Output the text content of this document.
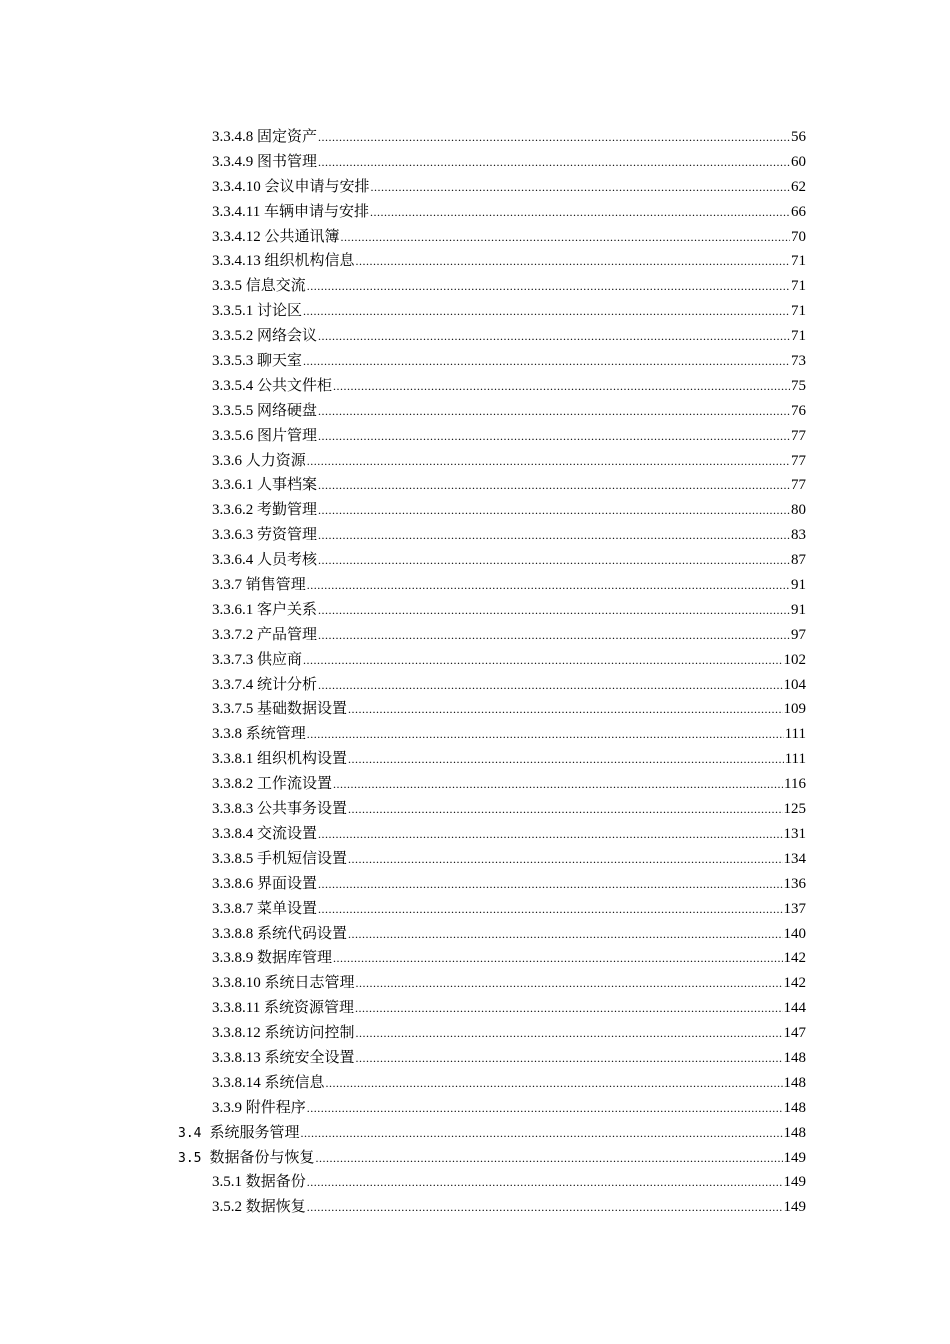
3.3.4.8 固定资产 .....	56
3.3.4.9 图书管理 .....	60
3.3.4.10 会议申请与安排 .....	62
3.3.4.11 车辆申请与安排 .....	66
3.3.4.12 公共通讯簿 .....	70
3.3.4.13 组织机构信息 .....	71
3.3.5 信息交流 .....	71
3.3.5.1 讨论区 .....	71
3.3.5.2 网络会议 .....	71
3.3.5.3 聊天室 .....	73
3.3.5.4 公共文件柜 .....	75
3.3.5.5 网络硬盘 .....	76
3.3.5.6 图片管理 .....	77
3.3.6 人力资源 .....	77
3.3.6.1 人事档案 .....	77
3.3.6.2 考勤管理 .....	80
3.3.6.3 劳资管理 .....	83
3.3.6.4 人员考核 .....	87
3.3.7 销售管理 .....	91
3.3.6.1 客户关系 .....	91
3.3.7.2 产品管理 .....	97
3.3.7.3 供应商 .....	102
3.3.7.4 统计分析 .....	104
3.3.7.5 基础数据设置 .....	109
3.3.8 系统管理 .....	111
3.3.8.1 组织机构设置 .....	111
3.3.8.2 工作流设置 .....	116
3.3.8.3 公共事务设置 .....	125
3.3.8.4 交流设置 .....	131
3.3.8.5 手机短信设置 .....	134
3.3.8.6 界面设置 .....	136
3.3.8.7 菜单设置 .....	137
3.3.8.8 系统代码设置 .....	140
3.3.8.9 数据库管理 .....	142
3.3.8.10 系统日志管理 .....	142
3.3.8.11 系统资源管理 .....	144
3.3.8.12 系统访问控制 .....	147
3.3.8.13 系统安全设置 .....	148
3.3.8.14 系统信息 .....	148
3.3.9 附件程序 .....	148
3.4 系统服务管理 .....	148
3.5 数据备份与恢复 .....	149
3.5.1 数据备份 .....	149
3.5.2 数据恢复 .....	149
